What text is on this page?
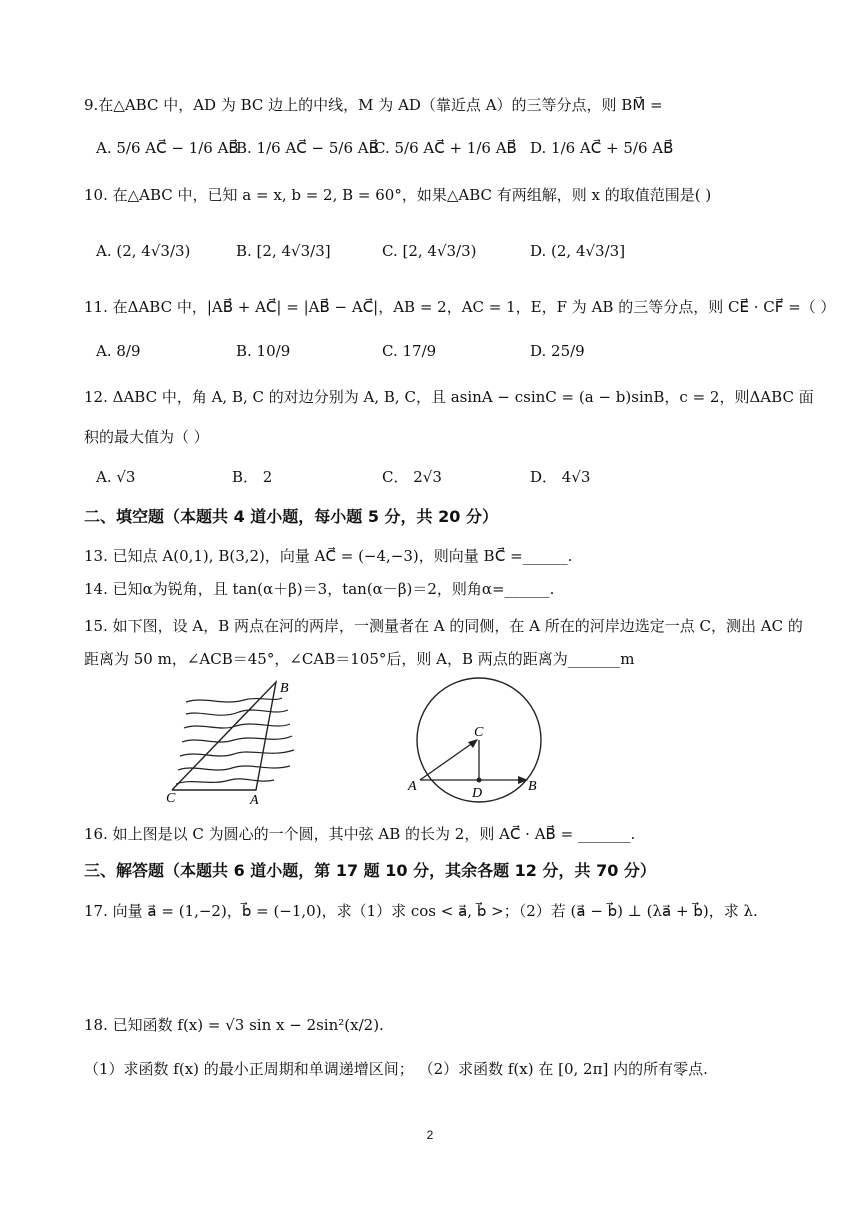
9.在△ABC 中，AD 为 BC 边上的中线，M 为 AD（靠近点 A）的三等分点，则 BM⃗ =
A. 5/6 AC⃗ − 1/6 AB⃗
B. 1/6 AC⃗ − 5/6 AB⃗
C. 5/6 AC⃗ + 1/6 AB⃗ D. 1/6 AC⃗ + 5/6 AB⃗
10. 在△ABC 中，已知 a = x, b = 2, B = 60°，如果△ABC 有两组解，则 x 的取值范围是( )
A. (2, 4√3/3)	B. [2, 4√3/3]	C. [2, 4√3/3)	D. (2, 4√3/3]
11. 在ΔABC 中，|AB⃗ + AC⃗| = |AB⃗ − AC⃗|，AB = 2，AC = 1，E，F 为 AB 的三等分点，则 CE⃗ · CF⃗ =（ ）
A. 8/9	B. 10/9	C. 17/9	D. 25/9
12. ΔABC 中，角 A, B, C 的对边分别为 A, B, C，且 asinA − csinC = (a − b)sinB，c = 2，则ΔABC 面
积的最大值为（ ）
A. √3	B． 2	C． 2√3	D． 4√3
二、填空题（本题共 4 道小题，每小题 5 分，共 20 分）
13. 已知点 A(0,1), B(3,2)，向量 AC⃗ = (−4,−3)，则向量 BC⃗ =______.
14. 已知α为锐角，且 tan(α＋β)＝3，tan(α－β)＝2，则角α=______.
15. 如下图，设 A，B 两点在河的两岸，一测量者在 A 的同侧，在 A 所在的河岸边选定一点 C，测出 AC 的
距离为 50 m，∠ACB＝45°，∠CAB＝105°后，则 A，B 两点的距离为_______m
B
C	A
C
A	D	B
16. 如上图是以 C 为圆心的一个圆，其中弦 AB 的长为 2，则 AC⃗ · AB⃗ = _______.
三、解答题（本题共 6 道小题，第 17 题 10 分，其余各题 12 分，共 70 分）
17. 向量 a⃗ = (1,−2)，b⃗ = (−1,0)，求（1）求 cos < a⃗, b⃗ >；（2）若 (a⃗ − b⃗) ⊥ (λa⃗ + b⃗)，求 λ.
18. 已知函数 f(x) = √3 sin x − 2sin²(x/2).
（1）求函数 f(x) 的最小正周期和单调递增区间； （2）求函数 f(x) 在 [0, 2π] 内的所有零点.
2
